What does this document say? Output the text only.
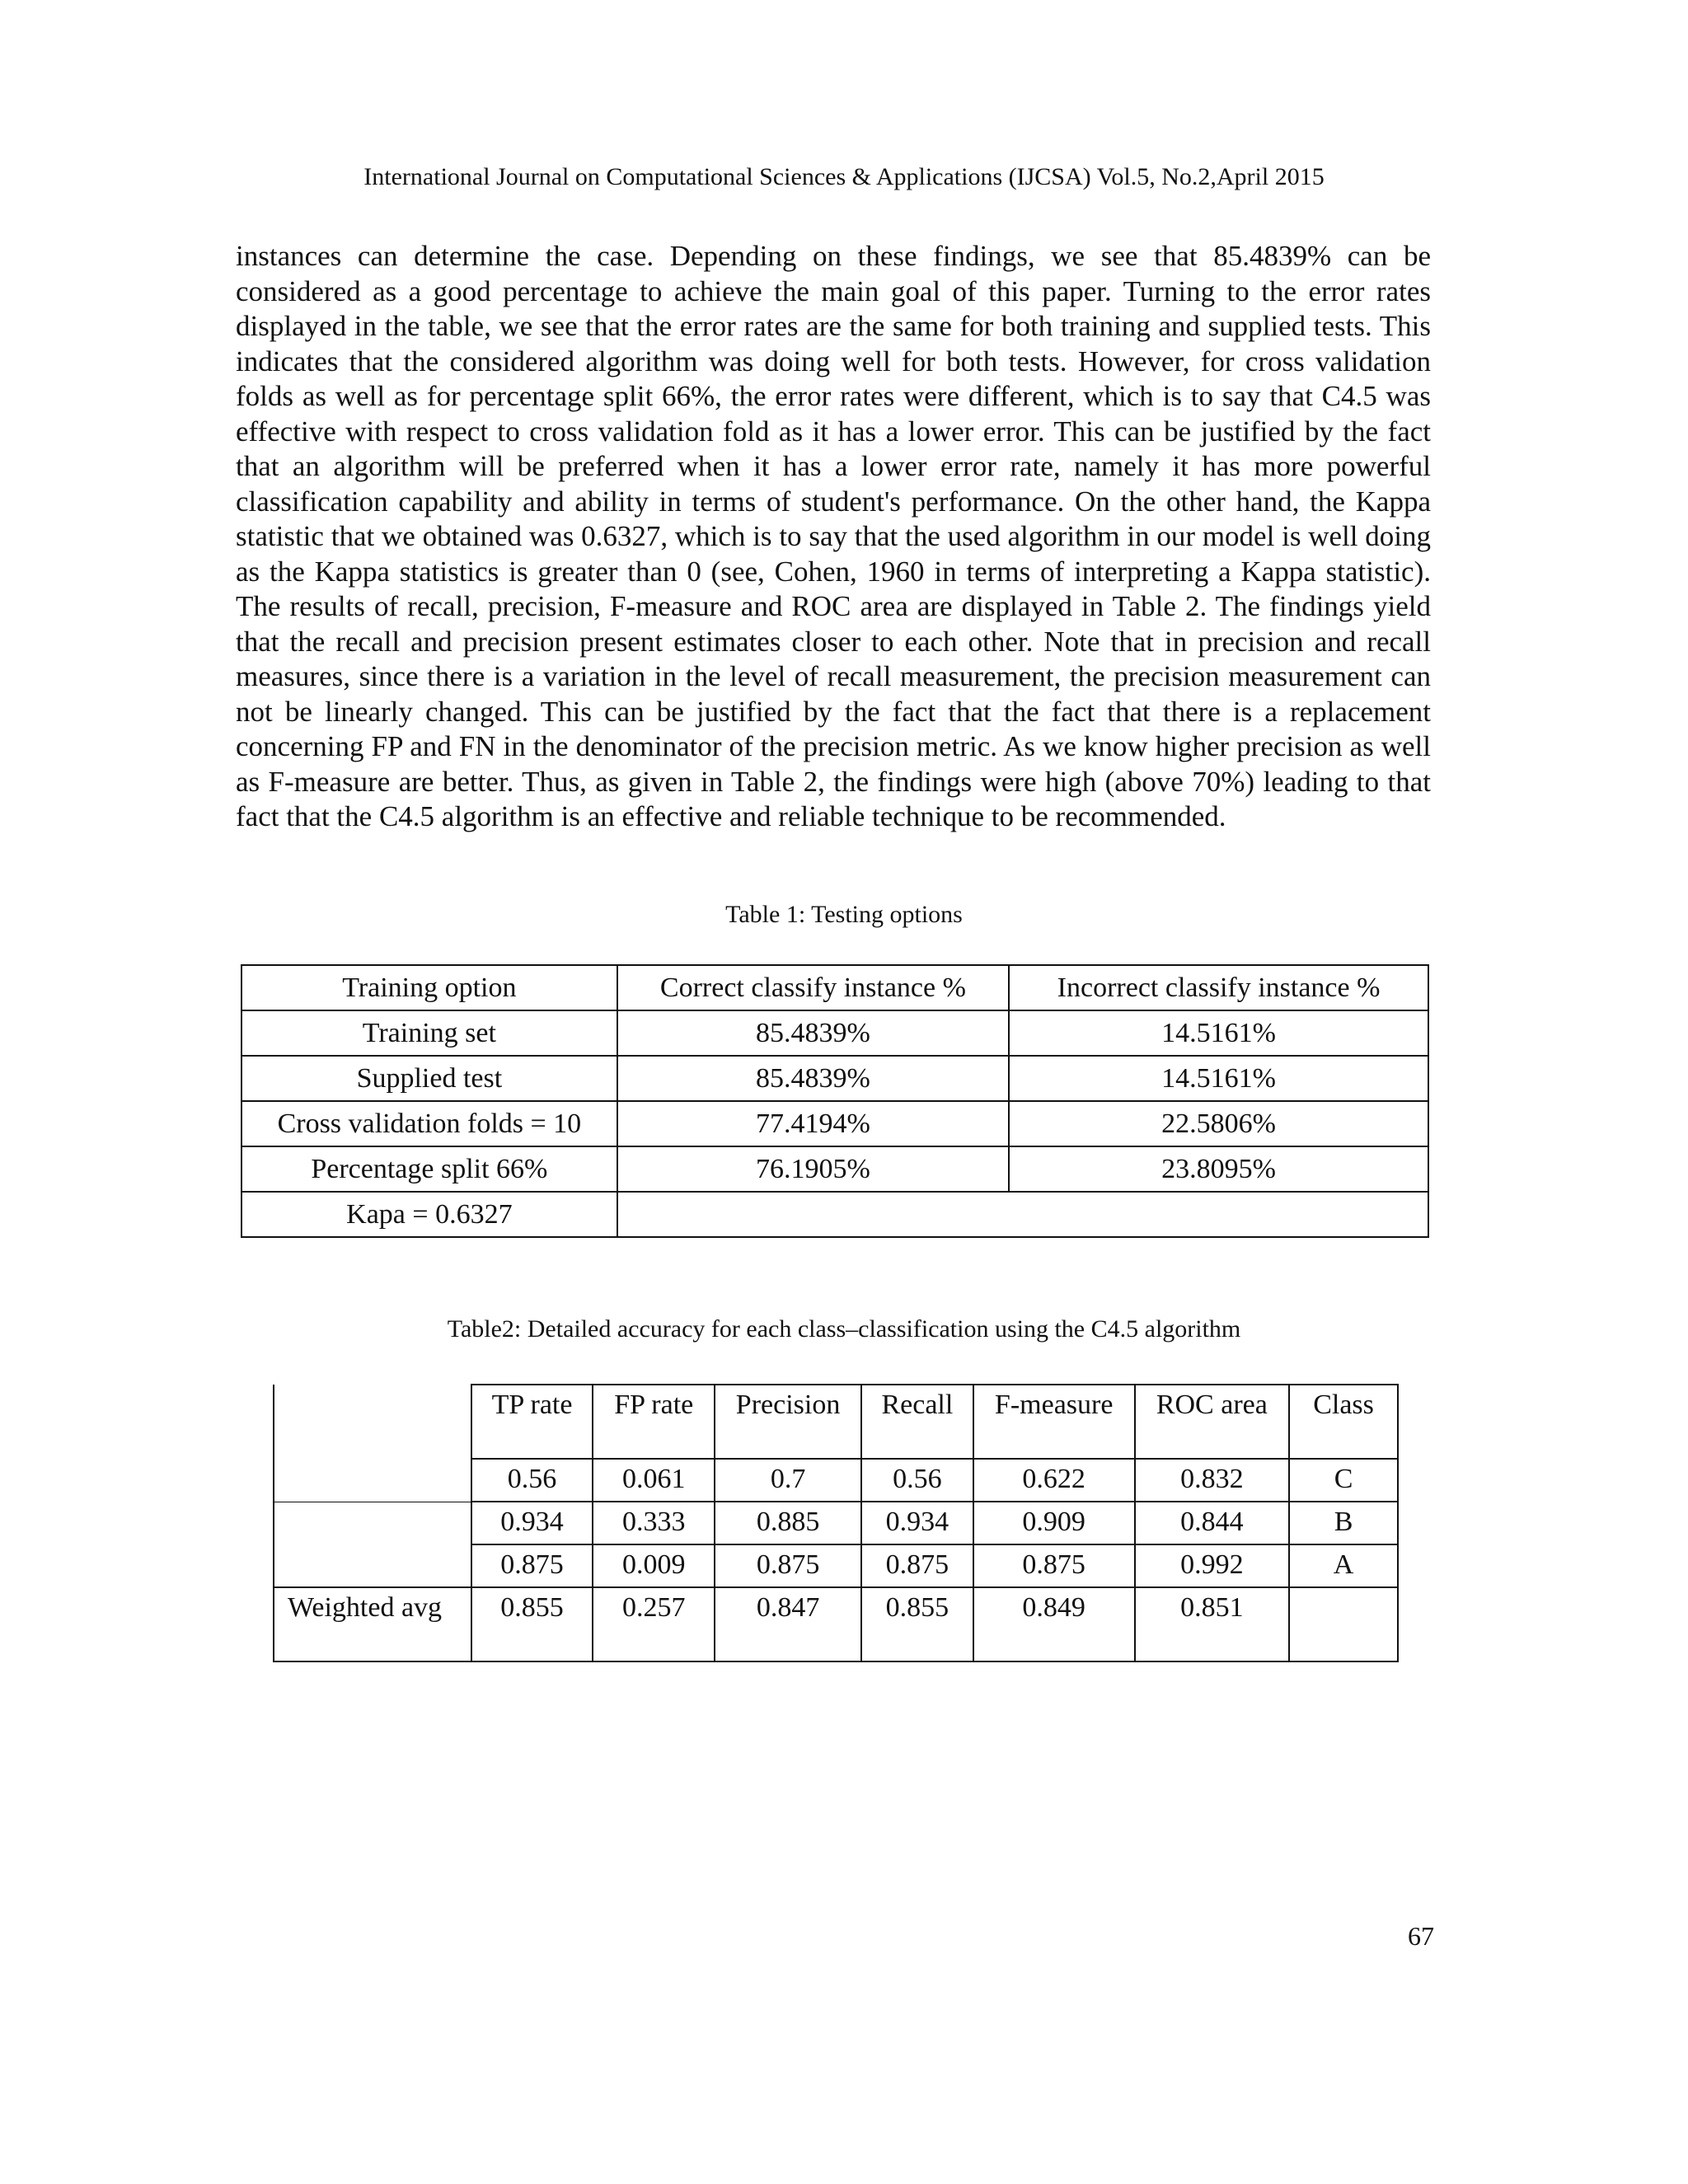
International Journal on Computational Sciences & Applications (IJCSA) Vol.5, No.2,April 2015

instances can determine the case. Depending on these findings, we see that 85.4839% can be considered as a good percentage to achieve the main goal of this paper. Turning to the error rates displayed in the table, we see that the error rates are the same for both training and supplied tests. This indicates that the considered algorithm was doing well for both tests. However, for cross validation folds as well as for percentage split 66%, the error rates were different, which is to say that C4.5 was effective with respect to cross validation fold as it has a lower error. This can be justified by the fact that an algorithm will be preferred when it has a lower error rate, namely it has more powerful classification capability and ability in terms of student's performance. On the other hand, the Kappa statistic that we obtained was 0.6327, which is to say that the used algorithm in our model is well doing as the Kappa statistics is greater than 0 (see, Cohen, 1960 in terms of interpreting a Kappa statistic). The results of recall, precision, F-measure and ROC area are displayed in Table 2. The findings yield that the recall and precision present estimates closer to each other. Note that in precision and recall measures, since there is a variation in the level of recall measurement, the precision measurement can not be linearly changed. This can be justified by the fact that the fact that there is a replacement concerning FP and FN in the denominator of the precision metric. As we know higher precision as well as F-measure are better. Thus, as given in Table 2, the findings were high (above 70%) leading to that fact that the C4.5 algorithm is an effective and reliable technique to be recommended.

Table 1: Testing options
Training option	Correct classify instance %	Incorrect classify instance %
Training set	85.4839%	14.5161%
Supplied test	85.4839%	14.5161%
Cross validation folds = 10	77.4194%	22.5806%
Percentage split 66%	76.1905%	23.8095%
Kapa = 0.6327		
Table2: Detailed accuracy for each class–classification using the C4.5 algorithm
	TP rate	FP rate	Precision	Recall	F-measure	ROC area	Class
	0.56	0.061	0.7	0.56	0.622	0.832	C
	0.934	0.333	0.885	0.934	0.909	0.844	B
	0.875	0.009	0.875	0.875	0.875	0.992	A
Weighted avg	0.855	0.257	0.847	0.855	0.849	0.851	
67
